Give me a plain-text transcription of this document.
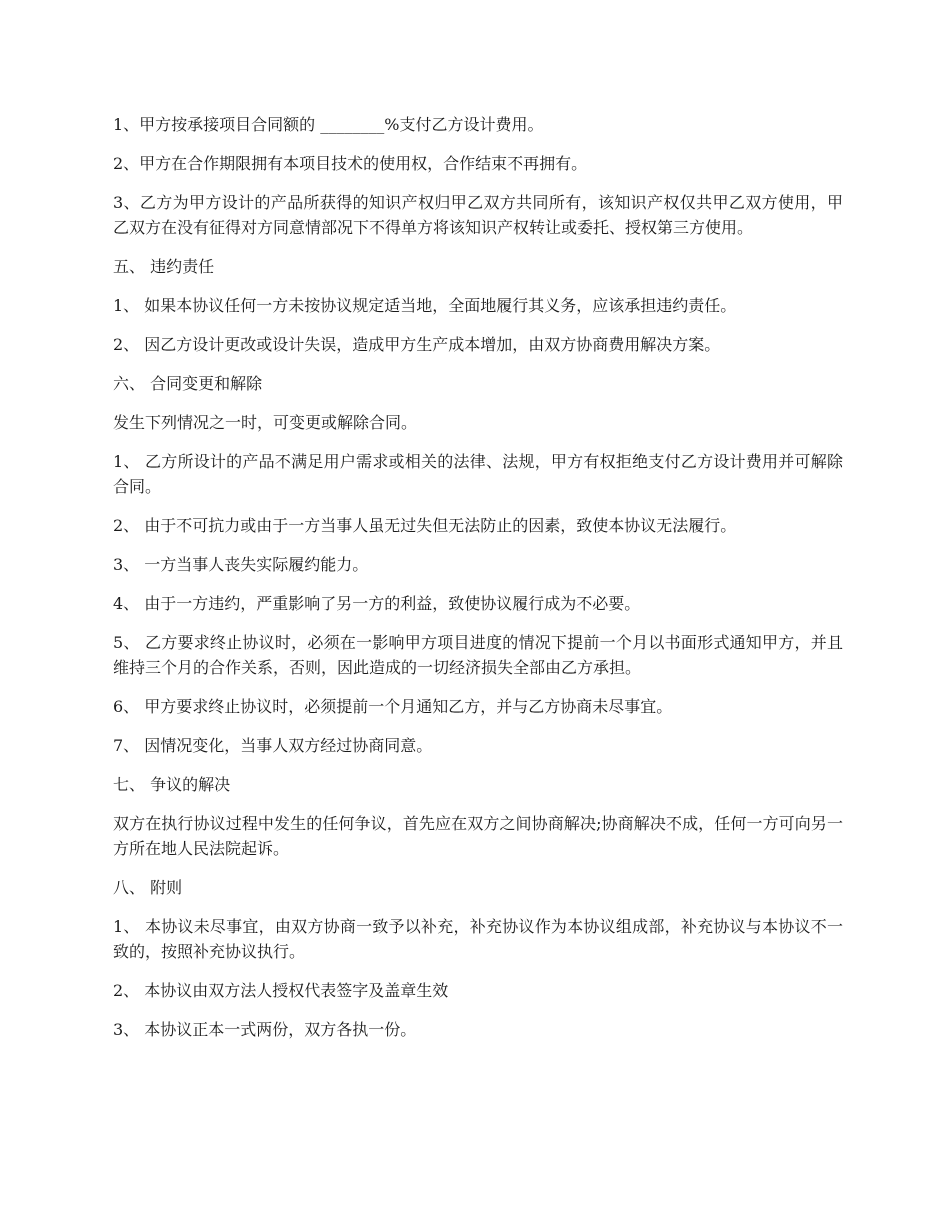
1、甲方按承接项目合同额的 ________%支付乙方设计费用。

2、甲方在合作期限拥有本项目技术的使用权，合作结束不再拥有。

3、乙方为甲方设计的产品所获得的知识产权归甲乙双方共同所有，该知识产权仅共甲乙双方使用，甲乙双方在没有征得对方同意情部况下不得单方将该知识产权转让或委托、授权第三方使用。

五、 违约责任

1、 如果本协议任何一方未按协议规定适当地，全面地履行其义务，应该承担违约责任。

2、 因乙方设计更改或设计失误，造成甲方生产成本增加，由双方协商费用解决方案。

六、 合同变更和解除

发生下列情况之一时，可变更或解除合同。

1、 乙方所设计的产品不满足用户需求或相关的法律、法规，甲方有权拒绝支付乙方设计费用并可解除合同。

2、 由于不可抗力或由于一方当事人虽无过失但无法防止的因素，致使本协议无法履行。

3、 一方当事人丧失实际履约能力。

4、 由于一方违约，严重影响了另一方的利益，致使协议履行成为不必要。

5、 乙方要求终止协议时，必须在一影响甲方项目进度的情况下提前一个月以书面形式通知甲方，并且维持三个月的合作关系，否则，因此造成的一切经济损失全部由乙方承担。

6、 甲方要求终止协议时，必须提前一个月通知乙方，并与乙方协商未尽事宜。

7、 因情况变化，当事人双方经过协商同意。

七、 争议的解决

双方在执行协议过程中发生的任何争议，首先应在双方之间协商解决;协商解决不成，任何一方可向另一方所在地人民法院起诉。

八、 附则

1、 本协议未尽事宜，由双方协商一致予以补充，补充协议作为本协议组成部，补充协议与本协议不一致的，按照补充协议执行。

2、 本协议由双方法人授权代表签字及盖章生效

3、 本协议正本一式两份，双方各执一份。
